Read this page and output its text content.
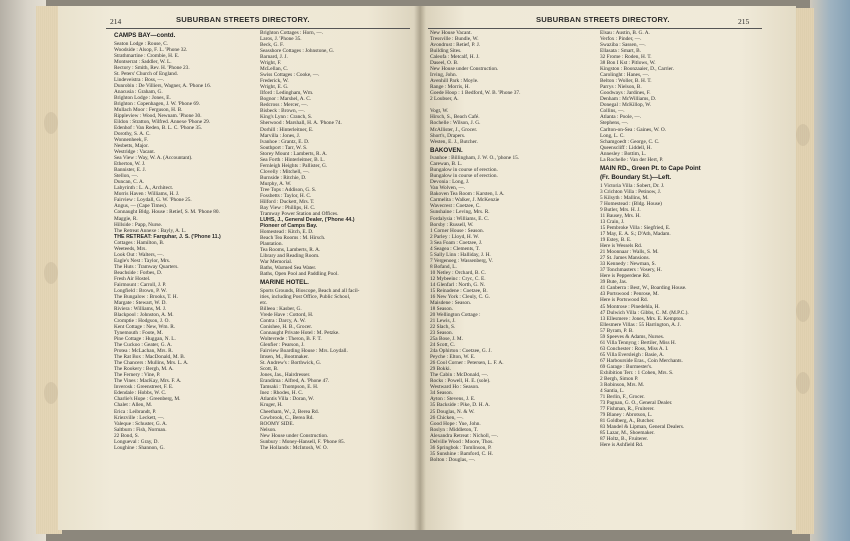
214	SUBURBAN STREETS DIRECTORY.
CAMPS BAY—contd.
Seaton Lodge : Rouse, C.
Woodside : Alsop, F. L. 'Phone 32.
Strathmartine : Crombie, H. E.
Montserrat : Saddler, W. L.
Rectory : Smith, Rev. H. 'Phone 23.
St. Peters' Church of England.
Lindeveistra : Boss, —.
Dunrobin : De Villiers, Wagner, A. 'Phone 16.
Anacusia : Graham, G.
Brighton Lodge : Jones, E.
Brighton : Copenhagen, J. W. 'Phone 69.
Mullach Moor : Ferguson, H. B.
Rippleview : Wood, Newnam. 'Phone 30.
Eildon : Stratton, Wilfred. Annexe 'Phone 29.
Edenhof : Van Reden, B. L. C. 'Phone 35.
Dorothy, S. A. C.
Wonnenheek, F.
Nesbetts, Major.
Westridge : Vacant.
Sea View : Way, W. A. (Accountant).
Etherton, W. J.
Bannister, E. J.
Stellon, —.
Duncan, C. A.
Labyrinth : L. A., Architect.
Morris Haven : Williams, H. J.
Fairview : Loydall, G. W. 'Phone 25.
Angus, — (Cape Times).
Connaught Bldg. House : Retief, S. M. 'Phone 80.
Maggie, R.
Hillside : Papp, Nurse.
The Retreat Annexe : Bayly, A. L.
THE RETREAT: Farquhar, J. S. ('Phone 11.)
Cottages : Hamilton, B.
Weeteeds, Mrs.
Look Out : Walters, —.
Eagle's Nest : Taylor, Mrs.
The Huts : Tramway Quarters.
Beachside : Forbes, D.
Fresh Air Hostel.
Fairmount : Carroll, J. P.
Longfield : Brown, P. W.
The Bungalow : Brooks, T. H.
Margate : Stewart, W. D.
Riviera : Williams, M. J.
Blackpool : Johnston, A. M.
Cromptie : Hodgson, J. O.
Kent Cottage : New, Wm. R.
Tynemouth : Foote, M.
Pine Cottage : Huggan, N. L.
The Cuckoo : Geater, G. A.
Protea : McLachan, Mrs. R.
The Rat Box : MacDonald, M. B.
The Chancers : Mullins, Mrs. L. A.
The Rookery : Bergh, M. A.
The Fernery : Vine, P.
The Vines : MacKay, Mrs. F. A.
Inverosk : Greenstreet, F. E.
Edendale : Hobbs, W. C.
Charlie's Hope : Greenberg, M.
Chalet : Allen, M.
Erica : Leibrandt, P.
Kriezville : Leckett, —.
Valeque : Schuster, G. A.
Saltburn : Fish, Norman.
22 Bond, S.
Longueval : Gray, D.
Loughine : Shannon, G.
Brighton Cottages : Horn, —.
Laros, J. 'Phone 35.
Beck, G. F.
Seasshore Cottages : Johnstone, G.
Barnard, J. J.
Wright, F.
McLellan, C.
Swiss Cottages : Cooke, —.
Frederick, W.
Wright, E. G.
Ilford : Ledingham, Wm.
Bognor : Marshel, A. C.
Redcross : Mercer, —.
Bisbeck : Brown, —.
King's Lynn : Cranch, S.
Sherwood : Marshall, H. A. 'Phone 74.
Dorhill : Hinterleitner, E.
Marvilla : Jones, J.
Ivanhoe : Grantz, E. D.
Southport : Tarr, W. S.
Storey Mount : Lamberts, R. A.
Sea Forth : Hinterleitner, B. L.
Fernleigh Heights : Pallister, G.
Clovelly : Mitchell, —.
Burnside : Ritchie, D.
Murphy, A. W.
Tree Tops : Addison, G. S.
Fossbetts : Taylor, H. C.
Hilford : Duckett, Mrs. T.
Bay View : Phillips, H. C.
Tramway Power Station and Offices.
LUHS, J., General Dealer, ('Phone 44.)
Pioneer of Camps Bay.
Homestead : Kitch, E. D.
Beach Tea Rooms : M. Hirsch.
Plantation.
Tea Rooms, Lamberts, R. A.
Library and Reading Room.
War Memorial.
Baths, Warmed Sea Water.
Baths, Open Pool and Paddling Pool.
MARINE HOTEL.
Sports Grounds, Bioscope, Beach and all facil-
ities, including Post Office, Public School,
etc.
Billeea : Kasber, G.
Vrede Have : Cottord, H.
Contra : Darcy, A. W.
Conishee, H. B., Grocer.
Connaught Private Hotel : M. Petzke.
Woltevrede : Theron, B. F. T.
Glenfier : Pearson, J.
Fairview Boarding House : Mrs. Loydall.
Imsen, M., Bootmaker.
St. Andrew's : Borthwick, G.
Scott, B.
Jones, Jas., Hairdresser.
Erandima : Alfred, A. 'Phone 47.
Tamsaki : Thompson, E. H.
Inez : Rhodes, H. C.
Atlantis Villa : Doran, W.
Kruger, H.
Cheetham, W., 2, Berea Rd.
Cowbrook, C., Berea Rd.
ROOMY SIDE.
Nelson.
New House under Construction.
Sunbury : Money-Hansell, F. 'Phone 85.
The Hollands : McIntosh, W. O.
SUBURBAN STREETS DIRECTORY.	215
New House Vacant.
Tressville : Bundle, W.
Avondrust : Retief, P. J.
Building Sites.
Caleofa : Metcalf, H. J.
Daseel, O. B.
New House under Construction.
Irving, John.
Avenhill Park : Moyle.
Range : Morris, H.
Goede Hoop : 1 Bedford, W. B. 'Phone 37.
2 Loubser, A.
Vogt, W.
Hirsch, S., Beach Café.
Rochelle : Wilson, J. G.
McAllister, J., Grocer.
Short's, Drapers.
Westen, E. J., Butcher.
BAKOVEN.
Ivanhoe : Billingham, J. W. O., 'phone 15.
Carewan, B. L.
Bungalow in course of erection.
Bungalow in course of erection.
Devonia : Long, J.
Van Wolven, —.
Bakoven Tea Room : Karsten, I. A.
Carmelita : Walker, J. McKenzie
Wavecrest : Coetzee, C.
Sunshaine : Leving, Mrs. R.
Fordalysia : Williams, E. C.
Borsby : Russell, W.
1 Corner House : Season.
2 Parley : Lloyd, H. W.
3 Sea Foam : Coetzee, J.
4 Seagea : Clements, T.
5 Sally Linn : Halliday, J. H.
7 Vergenoeg : Wassenberg, V.
8 Bofand, L.
10 Netley : Orchard, B. C.
12 Mybeeinc : Cryc, C. E.
14 Glenfarl : North, G. N.
15 Reinadene : Coetzee, B.
16 New York : Cleuly, C. G.
Maisdene : Season.
18 Season.
20 Wellington Cottage :
21 Lewis, J.
22 Slach, S.
23 Season.
25a Bose, J. M.
24 Scott, C.
24a Ophirton : Coetzee, G. J.
Peyche : Elton, W. E.
26 Cool Corner : Petersen, L. F. A.
29 Bokki.
The Cabin : McDonald, —.
Rocks : Powell, H. E. (sole).
Westward Ho : Season.
34 Season.
Ayton : Stevens, J. E.
35 Backside : Pike, D. H. A.
25 Douglas, N. & W.
26 Chicken, —.
Good Hope : Yue, John.
Roslyn : Middleton, T.
Alexandra Retreat : Nicholl, —.
Delville Wood : Moore, Thos.
36 Springbok : Tomlinson, P.
35 Sunshine : Bamford, C. H.
Bolton : Douglas, —.
Elsau : Austin, B. G. A.
Verfox : Pinder, —.
Swaziba : Sassen, —.
Ellasata : Smart, B.
32 Frome : Roden, H. T.
38 Bon I Kst : Pitlows, W.
Kingston : Boonzaaier, D., Carrier.
Carolinght : Hanes, —.
Belton : Woller, B. H. T.
Parrys : Nielson, B.
Goodways : Jardines, F.
Denham : McWilliams, D.
Donegal : McKillop, W.
Collins, —.
Atlanta : Poole, —.
Stephens, —.
Carlton-on-Sea : Gaines, W. O.
Long, L. C.
Schamgoedt : George, C. C.
Queenscliff : Liddell, H.
Annesley : Bottim, L.
La Rochelle : Van der Hert, P.
MAIN RD., Green Pt. to Cape Point
(Fr. Boundary St.)—Left.
1 Victoria Villa : Sobert, Dr. J.
3 Crichton Villa : Petinow, J.
5 Kilsyth : Mallins, M.
7 Homestead : (Bldg. House)
9 Butler, Mrs. H. J.
11 Bausey, Mrs. H.
13 Crain, J.
15 Pembroke Villa : Siegfried, E.
17 May, E. A. S.; D'Ath, Madam.
19 Estey, B. E.
Here is Wessels Rd.
21 Moonnaar : Walls, S. M.
27 St. James Mansions.
33 Kennedy : Newman, S.
37 Tonchmasters : Vosery, H.
Here is Pepperdene Rd.
39 Bute, Jas.
41 Canberra : Best, W., Boarding House.
43 Portswood : Penrose, M.
Here is Portswood Rd.
45 Montrose : Pinedehla, H.
47 Dulwich Villa : Gibbs, C. M. (M.P.C.).
13 Ellesmere : Jones, Mrs. E. Kempton.
Ellesmere Villas : 55 Harrington, A. J.
57 Byram, P. B.
59 Speeves & Adams, Nurses.
61 Villa Tennyng : Bertiler, Miss H.
63 Conchester : Ross, Miss A. I.
65 Villa Eversleigh : Basie, A.
67 Harbourside Eras., Coin Merchants.
69 Garage : Burmester's.
Exhibition Terr. : 1 Cohen, Mrs. S.
2 Bergh, Simon P.
3 Robinson, Mrs. M.
4 Santia, L.
71 Berlin, F., Grocer.
73 Pagnan, G. O., General Dealer.
77 Fishman, R., Fruiterer.
79 Blaney : Abrotson, L.
81 Goldberg, A., Butcher.
83 Mandel & Lipman, General Dealers.
85 Lazar, M., Shoemaker.
87 Holtz, B., Fruiterer.
Here is Ashfield Rd.
